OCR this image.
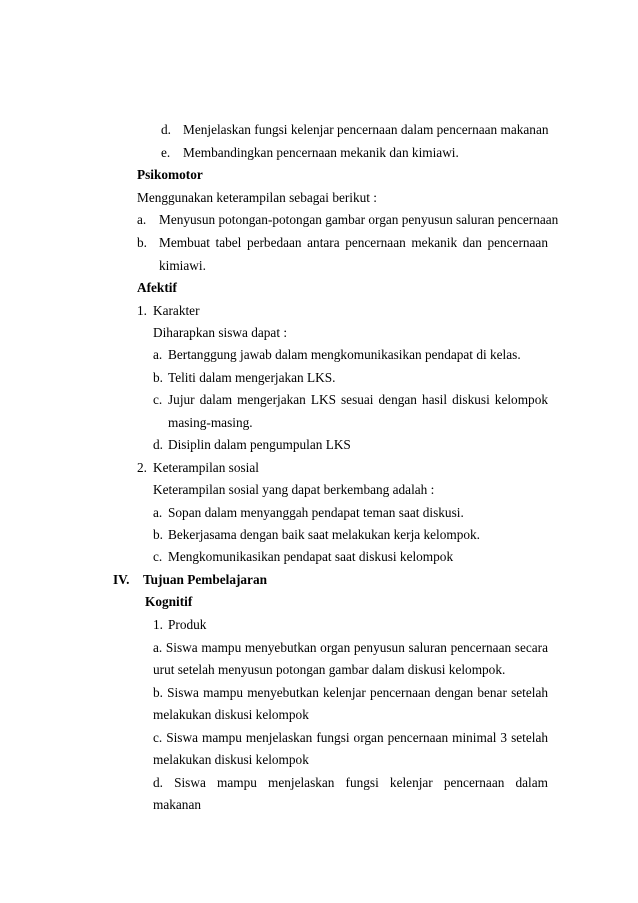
d. Menjelaskan fungsi kelenjar pencernaan dalam pencernaan makanan
e. Membandingkan pencernaan mekanik dan kimiawi.
Psikomotor
Menggunakan keterampilan sebagai berikut :
a. Menyusun potongan-potongan gambar organ penyusun saluran pencernaan
b. Membuat tabel perbedaan antara pencernaan mekanik dan pencernaan
kimiawi.
Afektif
1. Karakter
Diharapkan siswa dapat :
a. Bertanggung jawab dalam mengkomunikasikan pendapat di kelas.
b. Teliti dalam mengerjakan LKS.
c. Jujur dalam mengerjakan LKS sesuai dengan hasil diskusi kelompok
masing-masing.
d. Disiplin dalam pengumpulan LKS
2. Keterampilan sosial
Keterampilan sosial yang dapat berkembang adalah :
a. Sopan dalam menyanggah pendapat teman saat diskusi.
b. Bekerjasama dengan baik saat melakukan kerja kelompok.
c. Mengkomunikasikan pendapat saat diskusi kelompok
IV. Tujuan Pembelajaran
Kognitif
1. Produk
a. Siswa mampu menyebutkan organ penyusun saluran pencernaan secara
urut setelah menyusun potongan gambar dalam diskusi kelompok.
b. Siswa mampu menyebutkan kelenjar pencernaan dengan benar setelah
melakukan diskusi kelompok
c. Siswa mampu menjelaskan fungsi organ pencernaan minimal 3 setelah
melakukan diskusi kelompok
d. Siswa mampu menjelaskan fungsi kelenjar pencernaan dalam
makanan
